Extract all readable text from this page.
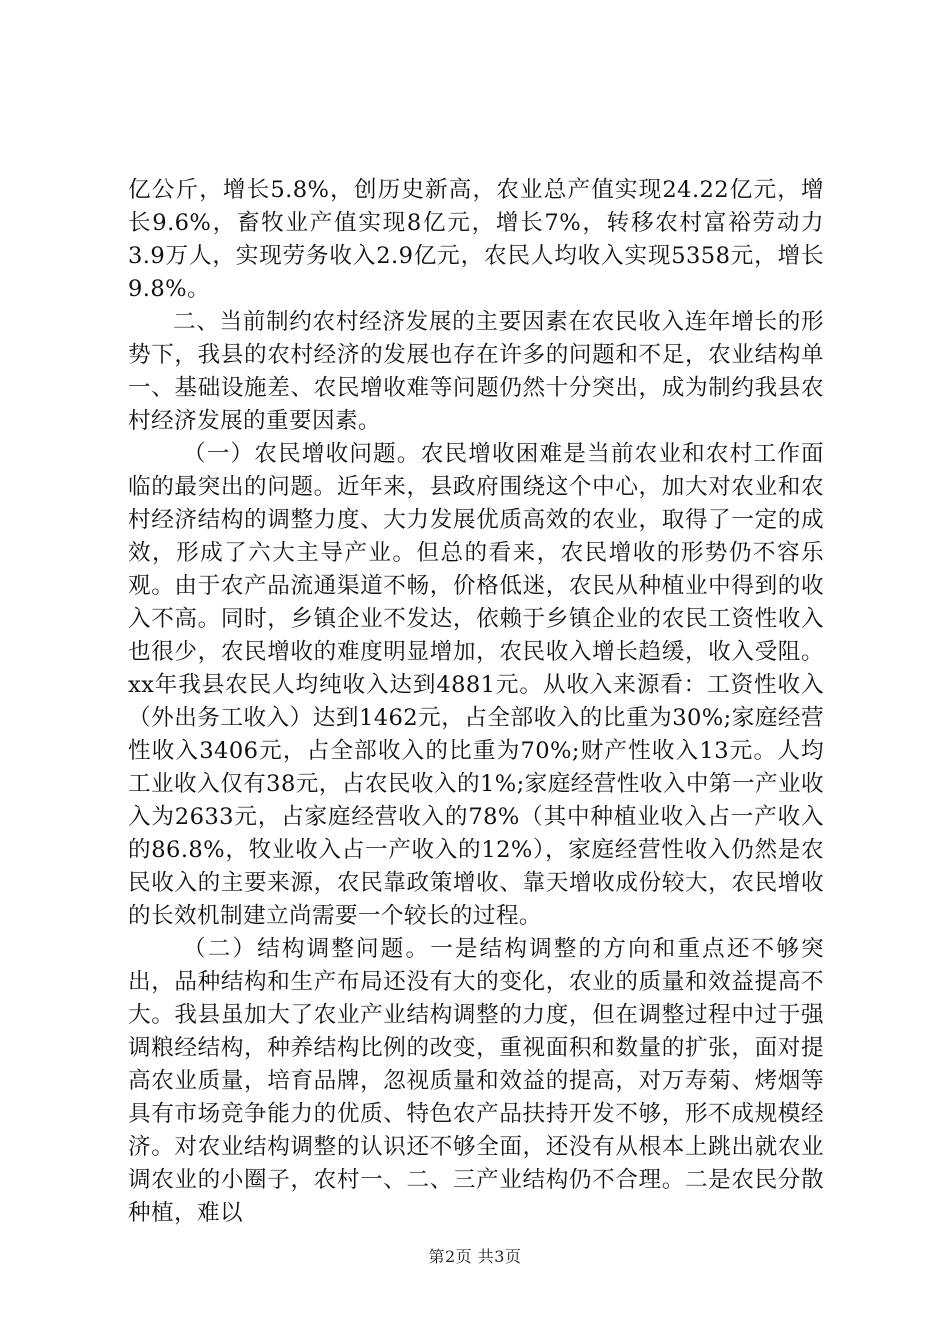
亿公斤，增长5.8%，创历史新高，农业总产值实现24.22亿元，增长9.6%，畜牧业产值实现8亿元，增长7%，转移农村富裕劳动力3.9万人，实现劳务收入2.9亿元，农民人均收入实现5358元，增长9.8%。

二、当前制约农村经济发展的主要因素在农民收入连年增长的形势下，我县的农村经济的发展也存在许多的问题和不足，农业结构单一、基础设施差、农民增收难等问题仍然十分突出，成为制约我县农村经济发展的重要因素。

（一）农民增收问题。农民增收困难是当前农业和农村工作面临的最突出的问题。近年来，县政府围绕这个中心，加大对农业和农村经济结构的调整力度、大力发展优质高效的农业，取得了一定的成效，形成了六大主导产业。但总的看来，农民增收的形势仍不容乐观。由于农产品流通渠道不畅，价格低迷，农民从种植业中得到的收入不高。同时，乡镇企业不发达，依赖于乡镇企业的农民工资性收入也很少，农民增收的难度明显增加，农民收入增长趋缓，收入受阻。xx年我县农民人均纯收入达到4881元。从收入来源看：工资性收入（外出务工收入）达到1462元，占全部收入的比重为30%;家庭经营性收入3406元，占全部收入的比重为70%;财产性收入13元。人均工业收入仅有38元，占农民收入的1%;家庭经营性收入中第一产业收入为2633元，占家庭经营收入的78%（其中种植业收入占一产收入的86.8%，牧业收入占一产收入的12%），家庭经营性收入仍然是农民收入的主要来源，农民靠政策增收、靠天增收成份较大，农民增收的长效机制建立尚需要一个较长的过程。

（二）结构调整问题。一是结构调整的方向和重点还不够突出，品种结构和生产布局还没有大的变化，农业的质量和效益提高不大。我县虽加大了农业产业结构调整的力度，但在调整过程中过于强调粮经结构，种养结构比例的改变，重视面积和数量的扩张，面对提高农业质量，培育品牌，忽视质量和效益的提高，对万寿菊、烤烟等具有市场竞争能力的优质、特色农产品扶持开发不够，形不成规模经济。对农业结构调整的认识还不够全面，还没有从根本上跳出就农业调农业的小圈子，农村一、二、三产业结构仍不合理。二是农民分散种植，难以

第2页 共3页
